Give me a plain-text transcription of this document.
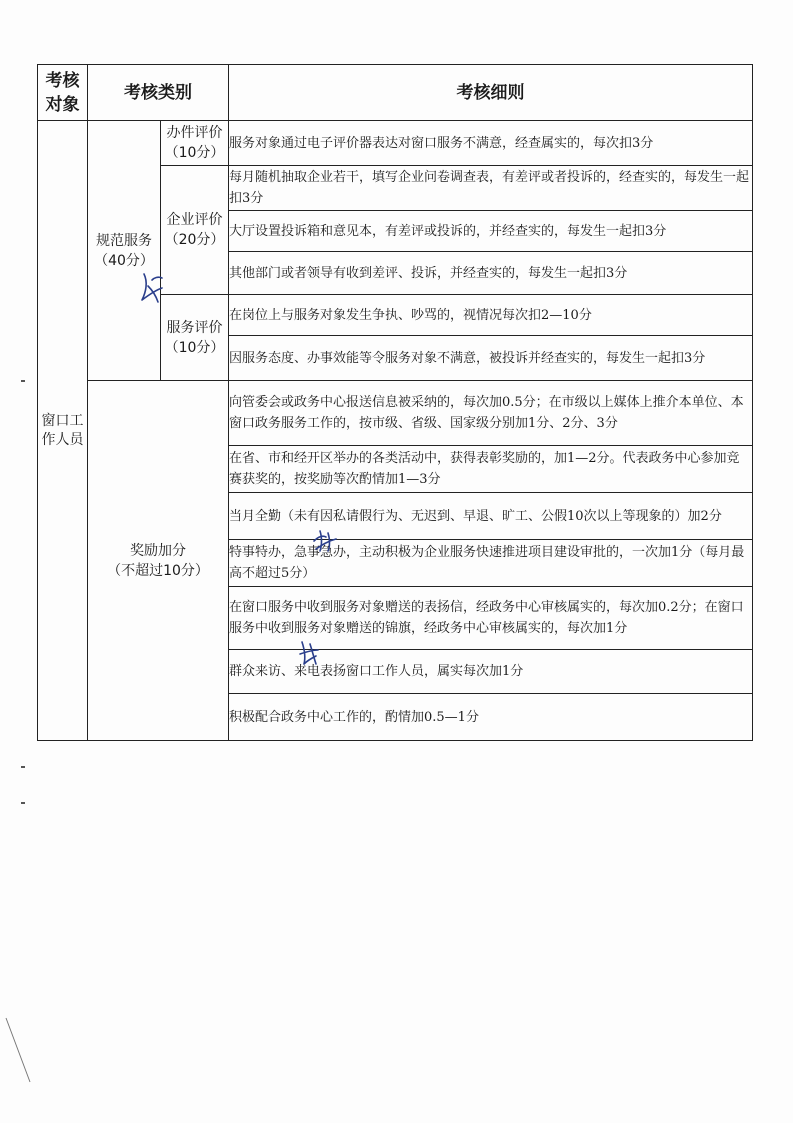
考核
对象	考核类别		考核细则

窗口工
作人员	规范服务
（40分）	办件评价
（10分）	服务对象通过电子评价器表达对窗口服务不满意，经查属实的，每次扣3分

		企业评价
（20分）	每月随机抽取企业若干，填写企业问卷调查表，有差评或者投诉的，经查实的，每发生一起扣3分
			大厅设置投诉箱和意见本，有差评或投诉的，并经查实的，每发生一起扣3分
			其他部门或者领导有收到差评、投诉，并经查实的，每发生一起扣3分

		服务评价
（10分）	在岗位上与服务对象发生争执、吵骂的，视情况每次扣2—10分
			因服务态度、办事效能等令服务对象不满意，被投诉并经查实的，每发生一起扣3分

	奖励加分
（不超过10分）		向管委会或政务中心报送信息被采纳的，每次加0.5分；在市级以上媒体上推介本单位、本窗口政务服务工作的，按市级、省级、国家级分别加1分、2分、3分
			在省、市和经开区举办的各类活动中，获得表彰奖励的，加1—2分。代表政务中心参加竞赛获奖的，按奖励等次酌情加1—3分
			当月全勤（未有因私请假行为、无迟到、早退、旷工、公假10次以上等现象的）加2分
			特事特办，急事急办，主动积极为企业服务快速推进项目建设审批的，一次加1分（每月最高不超过5分）
			在窗口服务中收到服务对象赠送的表扬信，经政务中心审核属实的，每次加0.2分；在窗口服务中收到服务对象赠送的锦旗，经政务中心审核属实的，每次加1分
			群众来访、来电表扬窗口工作人员，属实每次加1分
			积极配合政务中心工作的，酌情加0.5—1分
